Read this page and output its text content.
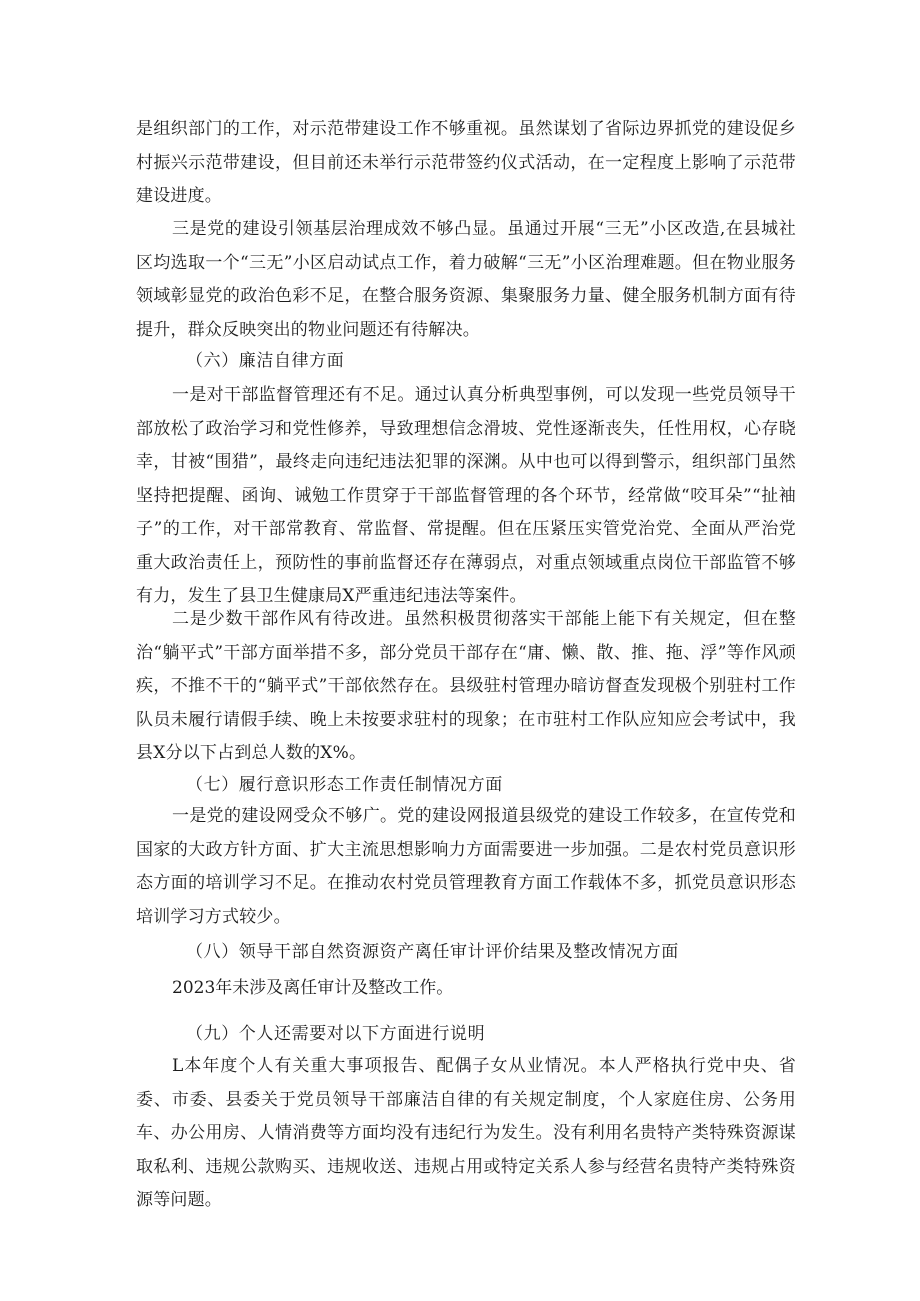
是组织部门的工作，对示范带建设工作不够重视。虽然谋划了省际边界抓党的建设促乡村振兴示范带建设，但目前还未举行示范带签约仪式活动，在一定程度上影响了示范带建设进度。

三是党的建设引领基层治理成效不够凸显。虽通过开展“三无”小区改造,在县城社区均选取一个“三无”小区启动试点工作，着力破解“三无”小区治理难题。但在物业服务领域彰显党的政治色彩不足，在整合服务资源、集聚服务力量、健全服务机制方面有待提升，群众反映突出的物业问题还有待解决。

（六）廉洁自律方面

一是对干部监督管理还有不足。通过认真分析典型事例，可以发现一些党员领导干部放松了政治学习和党性修养，导致理想信念滑坡、党性逐渐丧失，任性用权，心存晓幸，甘被“围猎”，最终走向违纪违法犯罪的深渊。从中也可以得到警示，组织部门虽然坚持把提醒、函询、诫勉工作贯穿于干部监督管理的各个环节，经常做“咬耳朵”“扯袖子”的工作，对干部常教育、常监督、常提醒。但在压紧压实管党治党、全面从严治党重大政治责任上，预防性的事前监督还存在薄弱点，对重点领域重点岗位干部监管不够有力，发生了县卫生健康局X严重违纪违法等案件。

二是少数干部作风有待改进。虽然积极贯彻落实干部能上能下有关规定，但在整治“躺平式”干部方面举措不多，部分党员干部存在“庸、懒、散、推、拖、浮”等作风顽疾，不推不干的“躺平式”干部依然存在。县级驻村管理办暗访督查发现极个别驻村工作队员未履行请假手续、晚上未按要求驻村的现象；在市驻村工作队应知应会考试中，我县X分以下占到总人数的X%。

（七）履行意识形态工作责任制情况方面

一是党的建设网受众不够广。党的建设网报道县级党的建设工作较多，在宣传党和国家的大政方针方面、扩大主流思想影响力方面需要进一步加强。二是农村党员意识形态方面的培训学习不足。在推动农村党员管理教育方面工作载体不多，抓党员意识形态培训学习方式较少。

（八）领导干部自然资源资产离任审计评价结果及整改情况方面

2023年未涉及离任审计及整改工作。

（九）个人还需要对以下方面进行说明

L本年度个人有关重大事项报告、配偶子女从业情况。本人严格执行党中央、省委、市委、县委关于党员领导干部廉洁自律的有关规定制度，个人家庭住房、公务用车、办公用房、人情消费等方面均没有违纪行为发生。没有利用名贵特产类特殊资源谋取私利、违规公款购买、违规收送、违规占用或特定关系人参与经营名贵特产类特殊资源等问题。
